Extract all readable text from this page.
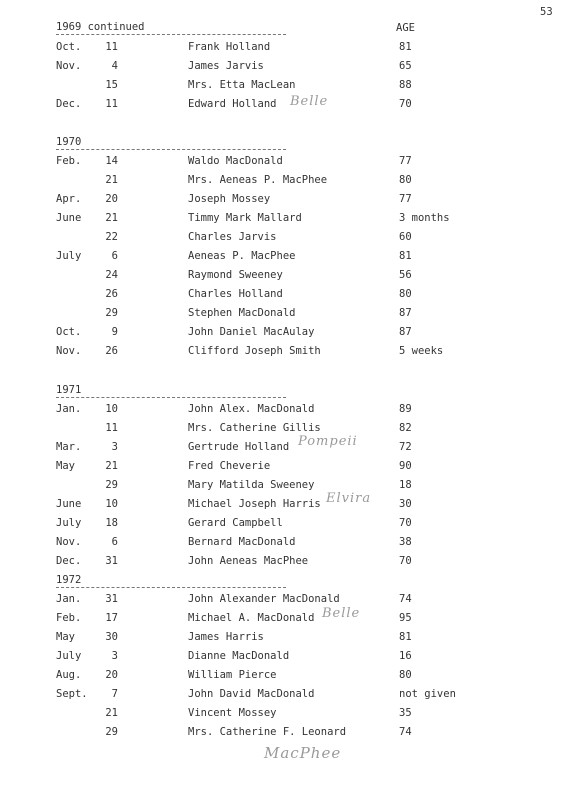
53
AGE
1969 continued
Oct. 11	Frank Holland	81
Nov.	4	James Jarvis	65
15	Mrs. Etta MacLean	88
Dec. 11	Edward Holland	70
Belle
1970
Feb. 14	Waldo MacDonald	77
21	Mrs. Aeneas P. MacPhee	80
Apr. 20	Joseph Mossey	77
June 21	Timmy Mark Mallard	3 months
22	Charles Jarvis	60
July	6	Aeneas P. MacPhee	81
24	Raymond Sweeney	56
26	Charles Holland	80
29	Stephen MacDonald	87
Oct.	9	John Daniel MacAulay	87
Nov. 26	Clifford Joseph Smith	5 weeks
1971
Jan. 10	John Alex. MacDonald	89
11	Mrs. Catherine Gillis	82
Mar.	3	Gertrude Holland	72
Pompeii
May	21	Fred Cheverie	90
29	Mary Matilda Sweeney	18
June 10	Michael Joseph Harris	30
Elvira
July 18	Gerard Campbell	70
Nov.	6	Bernard MacDonald	38
Dec. 31	John Aeneas MacPhee	70
1972
Jan. 31	John Alexander MacDonald	74
Feb. 17	Michael A. MacDonald	95
Belle
May	30	James Harris	81
July	3	Dianne MacDonald	16
Aug. 20	William Pierce	80
Sept.	7	John David MacDonald	not given
21	Vincent Mossey	35
29	Mrs. Catherine F. Leonard	74
MacPhee
